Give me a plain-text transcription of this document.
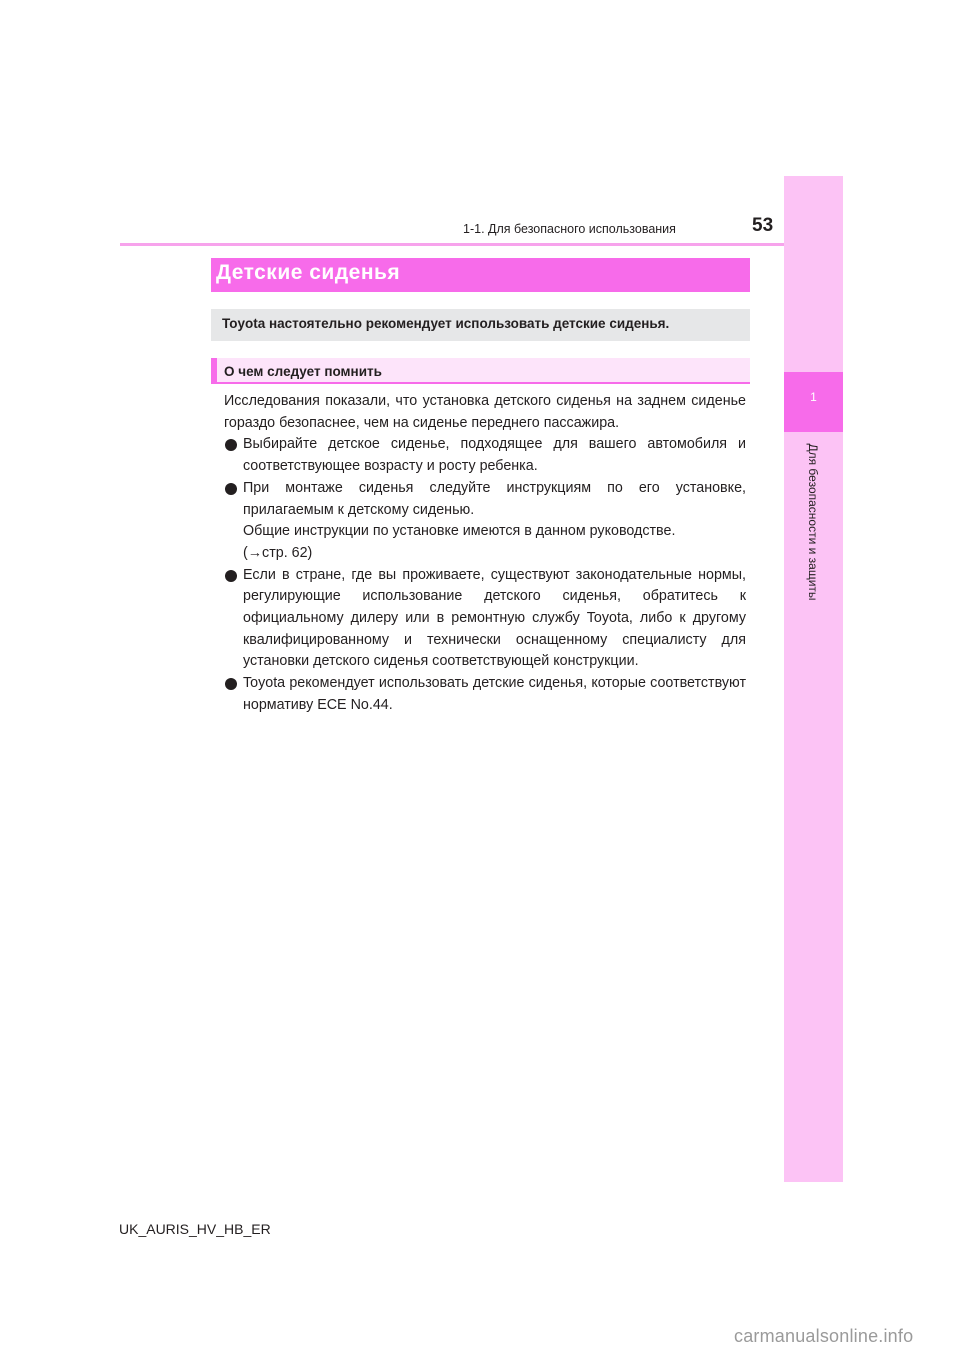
1-1. Для безопасного использования	53
1
Для безопасности и защиты
Детские сиденья
Toyota настоятельно рекомендует использовать детские сиденья.
О чем следует помнить

Исследования показали, что установка детского сиденья на заднем сиденье гораздо безопаснее, чем на сиденье переднего пассажира.

Выбирайте детское сиденье, подходящее для вашего автомобиля и соответствующее возрасту и росту ребенка.
При монтаже сиденья следуйте инструкциям по его установке, прилагаемым к детскому сиденью.
Общие инструкции по установке имеются в данном руководстве.
(→стр. 62)
Если в стране, где вы проживаете, существуют законодательные нормы, регулирующие использование детского сиденья, обратитесь к официальному дилеру или в ремонтную службу Toyota, либо к другому квалифицированному и технически оснащенному специалисту для установки детского сиденья соответствующей конструкции.
Toyota рекомендует использовать детские сиденья, которые соответствуют нормативу ECE No.44.
UK_AURIS_HV_HB_ER
carmanualsonline.info
